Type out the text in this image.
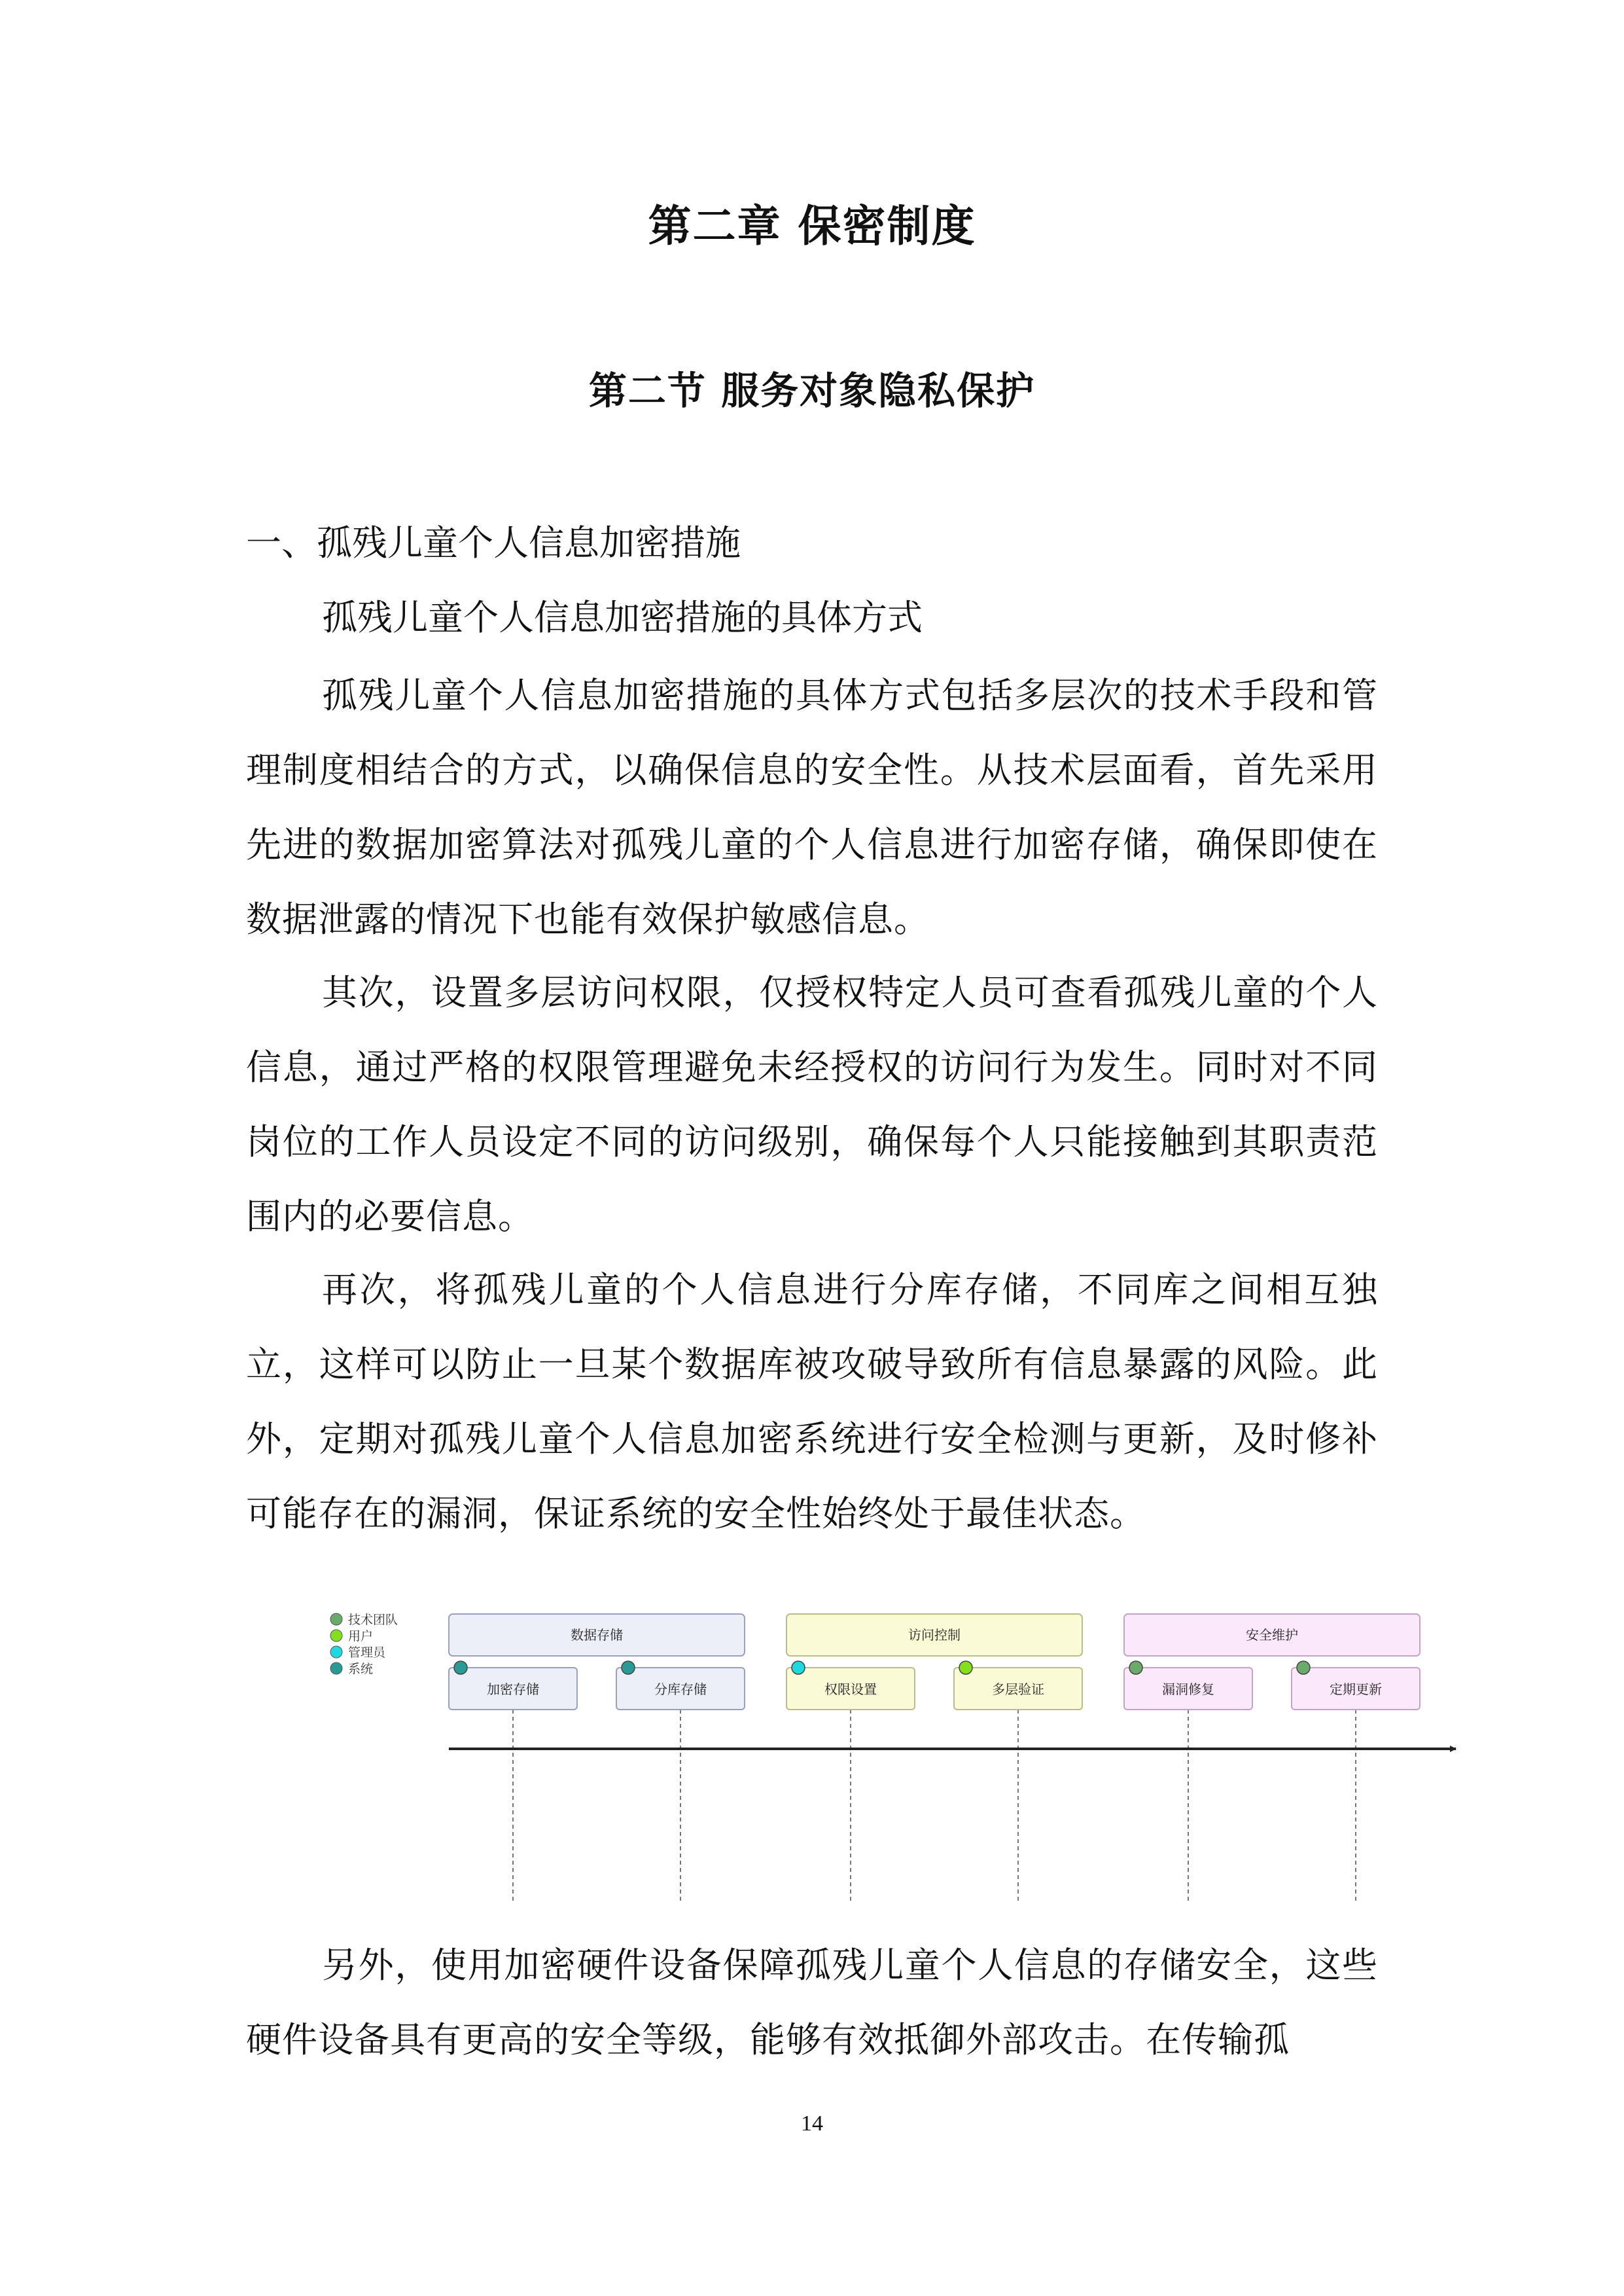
第二章 保密制度
第二节 服务对象隐私保护
一、孤残儿童个人信息加密措施
孤残儿童个人信息加密措施的具体方式

孤残儿童个人信息加密措施的具体方式包括多层次的技术手段和管理制度相结合的方式，以确保信息的安全性。从技术层面看，首先采用先进的数据加密算法对孤残儿童的个人信息进行加密存储，确保即使在数据泄露的情况下也能有效保护敏感信息。

其次，设置多层访问权限，仅授权特定人员可查看孤残儿童的个人信息，通过严格的权限管理避免未经授权的访问行为发生。同时对不同岗位的工作人员设定不同的访问级别，确保每个人只能接触到其职责范围内的必要信息。

再次，将孤残儿童的个人信息进行分库存储，不同库之间相互独立，这样可以防止一旦某个数据库被攻破导致所有信息暴露的风险。此外，定期对孤残儿童个人信息加密系统进行安全检测与更新，及时修补可能存在的漏洞，保证系统的安全性始终处于最佳状态。

技术团队
用户
管理员
系统
数据存储
加密存储	分库存储
访问控制
权限设置	多层验证
安全维护
漏洞修复	定期更新

另外，使用加密硬件设备保障孤残儿童个人信息的存储安全，这些硬件设备具有更高的安全等级，能够有效抵御外部攻击。在传输孤

14
